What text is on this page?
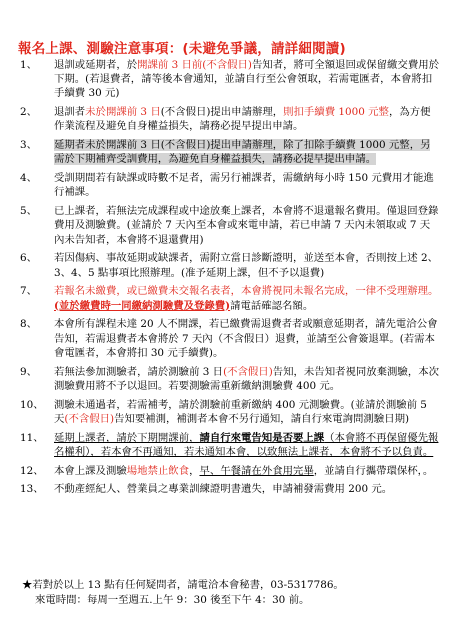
報名上課、測驗注意事項：(未避免爭議，請詳細閱讀)
1、	退訓或延期者，於開課前 3 日前(不含假日)告知者，將可全額退回或保留繳交費用於下期。(若退費者，請等後本會通知，並請自行至公會領取，若需電匯者，本會將扣手續費 30 元)
2、	退訓者未於開課前 3 日(不含假日)提出申請辦理，則扣手續費 1000 元整，為方便作業流程及避免自身權益損失，請務必提早提出申請。
3、	延期者未於開課前 3 日(不含假日)提出申請辦理，除了扣除手續費 1000 元整，另需於下期補齊受訓費用，為避免自身權益損失，請務必提早提出申請。
4、	受訓期間若有缺課或時數不足者，需另行補課者，需繳納每小時 150 元費用才能進行補課。
5、	已上課者，若無法完成課程或中途放棄上課者，本會將不退還報名費用。僅退回登錄費用及測驗費。(並請於 7 天內至本會或來電申請，若已申請 7 天內未領取或 7 天內未告知者，本會將不退還費用)
6、	若因傷病、事故延期或缺課者，需附立當日診斷證明，並送至本會，否則按上述 2、3、4、5 點事項比照辦理。(准予延期上課，但不予以退費)
7、	若報名未繳費，或已繳費未交報名表者，本會將視同未報名完成，一律不受理辦理。(並於繳費時一同繳納測驗費及登錄費)請電話確認名額。
8、	本會所有課程未達 20 人不開課，若已繳費需退費者者或願意延期者，請先電洽公會告知，若需退費者本會將於 7 天內（不含假日）退費，並請至公會簽退單。(若需本會電匯者，本會將扣 30 元手續費)。
9、	若無法參加測驗者，請於測驗前 3 日(不含假日)告知，未告知者視同放棄測驗，本次測驗費用將不予以退回。若要測驗需重新繳納測驗費 400 元。
10、 測驗未通過者，若需補考，請於測驗前重新繳納 400 元測驗費。(並請於測驗前 5 天(不含假日)告知要補測，補測者本會不另行通知，請自行來電詢問測驗日期)
11、 延期上課者，請於下期開課前，請自行來電告知是否要上課（本會將不再保留優先報名權利），若本會不再通知，若未通知本會，以致無法上課者，本會將不予以負責。
12、 本會上課及測驗場地禁止飲食，早、午餐請在外食用完畢，並請自行攜帶環保杯，。
13、 不動產經紀人、營業員之專業訓練證明書遺失，申請補發需費用 200 元。
★若對於以上 13 點有任何疑問者，請電洽本會秘書，03-5317786。
來電時間：每周一至週五.上午 9：30 後至下午 4：30 前。
